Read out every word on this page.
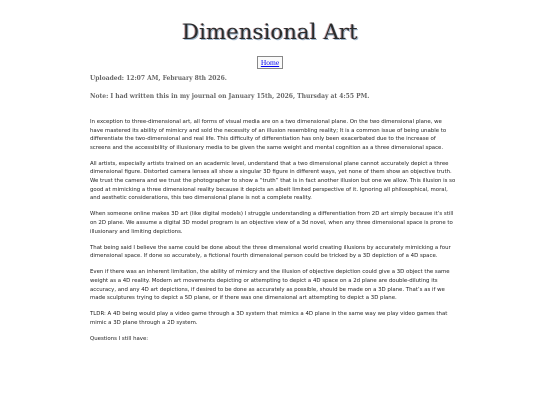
Dimensional Art
Home
Uploaded: 12:07 AM, February 8th 2026.
Note: I had written this in my journal on January 15th, 2026, Thursday at 4:55 PM.

In exception to three-dimensional art, all forms of visual media are on a two dimensional plane. On the two dimensional plane, we have mastered its ability of mimicry and sold the necessity of an illusion resembling reality; It is a common issue of being unable to differentiate the two-dimensional and real life. This difficulty of differentiation has only been exacerbated due to the increase of screens and the accessibility of illusionary media to be given the same weight and mental cognition as a three dimensional space.

All artists, especially artists trained on an academic level, understand that a two dimensional plane cannot accurately depict a three dimensional figure. Distorted camera lenses all show a singular 3D figure in different ways, yet none of them show an objective truth. We trust the camera and we trust the photographer to show a “truth” that is in fact another illusion but one we allow. This illusion is so good at mimicking a three dimensional reality because it depicts an albeit limited perspective of it. Ignoring all philosophical, moral, and aesthetic considerations, this two dimensional plane is not a complete reality.

When someone online makes 3D art (like digital models) I struggle understanding a differentiation from 2D art simply because it’s still on 2D plane. We assume a digital 3D model program is an objective view of a 3d novel, when any three dimensional space is prone to illusionary and limiting depictions.

That being said I believe the same could be done about the three dimensional world creating illusions by accurately mimicking a four dimensional space. If done so accurately, a fictional fourth dimensional person could be tricked by a 3D depiction of a 4D space.

Even if there was an inherent limitation, the ability of mimicry and the illusion of objective depiction could give a 3D object the same weight as a 4D reality. Modern art movements depicting or attempting to depict a 4D space on a 2d plane are double-diluting its accuracy, and any 4D art depictions, if desired to be done as accurately as possible, should be made on a 3D plane. That’s as if we made sculptures trying to depict a 5D plane, or if there was one dimensional art attempting to depict a 3D plane.

TLDR: A 4D being would play a video game through a 3D system that mimics a 4D plane in the same way we play video games that mimic a 3D plane through a 2D system.

Questions I still have:
